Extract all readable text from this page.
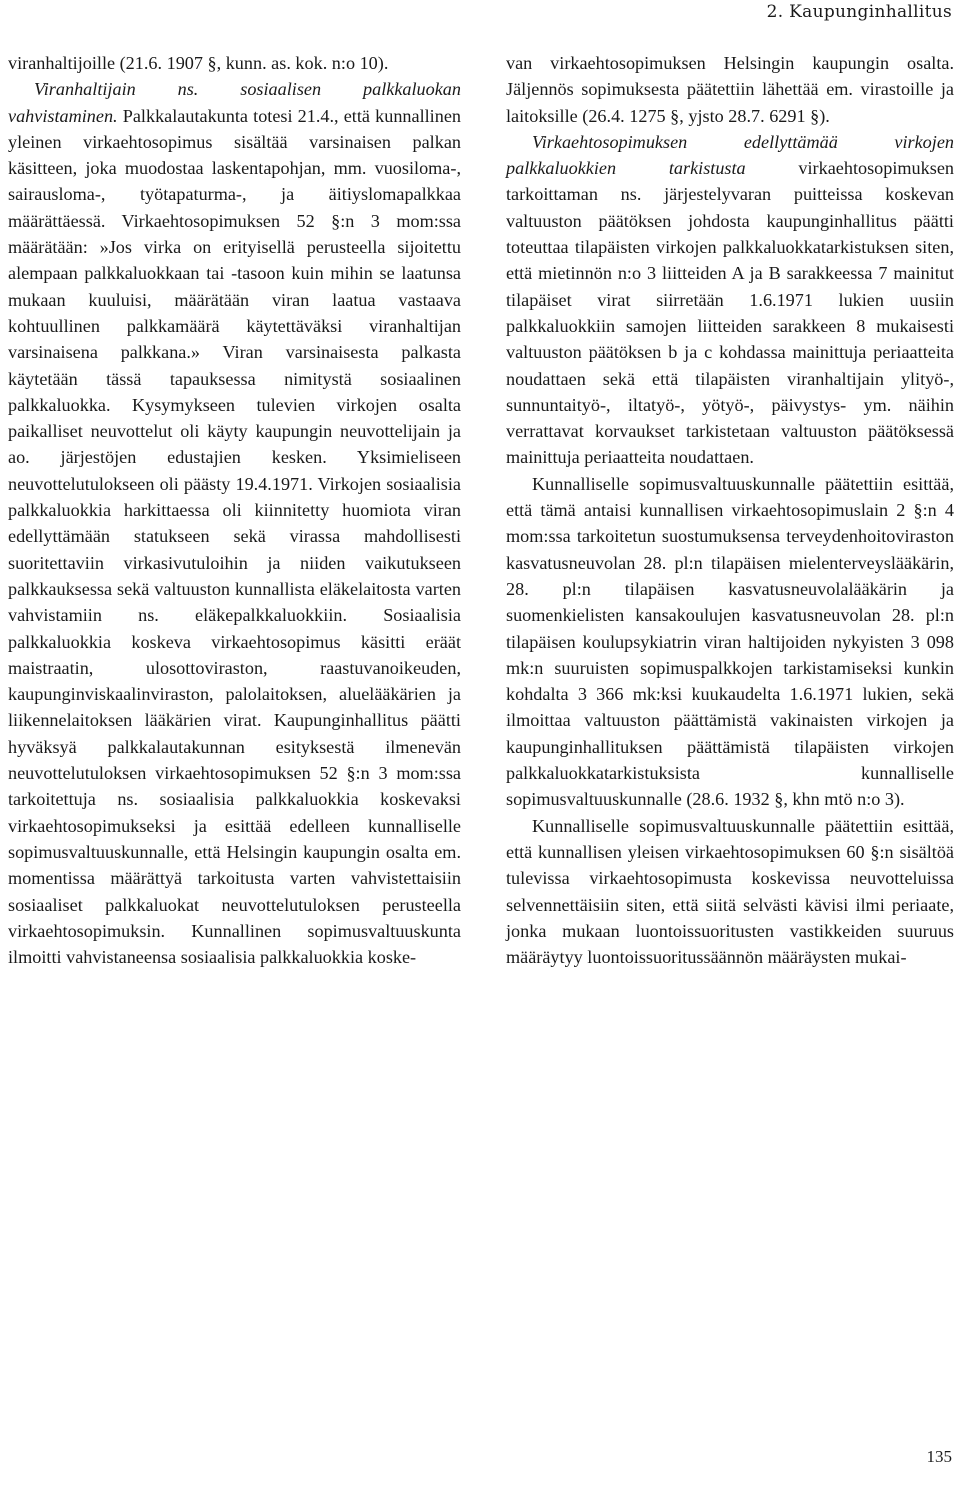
2. Kaupunginhallitus

viranhaltijoille (21.6. 1907 §, kunn. as. kok. n:o 10).

Viranhaltijain ns. sosiaalisen palkkaluokan vahvistaminen. Palkkalautakunta totesi 21.4., että kunnallinen yleinen virkaehtosopimus sisältää varsinaisen palkan käsitteen, joka muodostaa laskentapohjan, mm. vuosiloma-, sairausloma-, työtapaturma-, ja äitiyslomapalkkaa määrättäessä. Virkaehtosopimuksen 52 §:n 3 mom:ssa määrätään: »Jos virka on erityisellä perusteella sijoitettu alempaan palkkaluokkaan tai -tasoon kuin mihin se laatunsa mukaan kuuluisi, määrätään viran laatua vastaava kohtuullinen palkkamäärä käytettäväksi viranhaltijan varsinaisena palkkana.» Viran varsinaisesta palkasta käytetään tässä tapauksessa nimitystä sosiaalinen palkkaluokka. Kysymykseen tulevien virkojen osalta paikalliset neuvottelut oli käyty kaupungin neuvottelijain ja ao. järjestöjen edustajien kesken. Yksimieliseen neuvottelutulokseen oli päästy 19.4.1971. Virkojen sosiaalisia palkkaluokkia harkittaessa oli kiinnitetty huomiota viran edellyttämään statukseen sekä virassa mahdollisesti suoritettaviin virkasivutuloihin ja niiden vaikutukseen palkkauksessa sekä valtuuston kunnallista eläkelaitosta varten vahvistamiin ns. eläkepalkkaluokkiin. Sosiaalisia palkkaluokkia koskeva virkaehtosopimus käsitti eräät maistraatin, ulosottoviraston, raastuvanoikeuden, kaupunginviskaalinviraston, palolaitoksen, aluelääkärien ja liikennelaitoksen lääkärien virat. Kaupunginhallitus päätti hyväksyä palkkalautakunnan esityksestä ilmenevän neuvottelutuloksen virkaehtosopimuksen 52 §:n 3 mom:ssa tarkoitettuja ns. sosiaalisia palkkaluokkia koskevaksi virkaehtosopimukseksi ja esittää edelleen kunnalliselle sopimusvaltuuskunnalle, että Helsingin kaupungin osalta em. momentissa määrättyä tarkoitusta varten vahvistettaisiin sosiaaliset palkkaluokat neuvottelutuloksen perusteella virkaehtosopimuksin. Kunnallinen sopimusvaltuuskunta ilmoitti vahvistaneensa sosiaalisia palkkaluokkia koske-

van virkaehtosopimuksen Helsingin kaupungin osalta. Jäljennös sopimuksesta päätettiin lähettää em. virastoille ja laitoksille (26.4. 1275 §, yjsto 28.7. 6291 §).

Virkaehtosopimuksen edellyttämää virkojen palkkaluokkien tarkistusta virkaehtosopimuksen tarkoittaman ns. järjestelyvaran puitteissa koskevan valtuuston päätöksen johdosta kaupunginhallitus päätti toteuttaa tilapäisten virkojen palkkaluokkatarkistuksen siten, että mietinnön n:o 3 liitteiden A ja B sarakkeessa 7 mainitut tilapäiset virat siirretään 1.6.1971 lukien uusiin palkkaluokkiin samojen liitteiden sarakkeen 8 mukaisesti valtuuston päätöksen b ja c kohdassa mainittuja periaatteita noudattaen sekä että tilapäisten viranhaltijain ylityö-, sunnuntaityö-, iltatyö-, yötyö-, päivystys- ym. näihin verrattavat korvaukset tarkistetaan valtuuston päätöksessä mainittuja periaatteita noudattaen.

Kunnalliselle sopimusvaltuuskunnalle päätettiin esittää, että tämä antaisi kunnallisen virkaehtosopimuslain 2 §:n 4 mom:ssa tarkoitetun suostumuksensa terveydenhoitoviraston kasvatusneuvolan 28. pl:n tilapäisen mielenterveyslääkärin, 28. pl:n tilapäisen kasvatusneuvolalääkärin ja suomenkielisten kansakoulujen kasvatusneuvolan 28. pl:n tilapäisen koulupsykiatrin viran haltijoiden nykyisten 3 098 mk:n suuruisten sopimuspalkkojen tarkistamiseksi kunkin kohdalta 3 366 mk:ksi kuukaudelta 1.6.1971 lukien, sekä ilmoittaa valtuuston päättämistä vakinaisten virkojen ja kaupunginhallituksen päättämistä tilapäisten virkojen palkkaluokkatarkistuksista kunnalliselle sopimusvaltuuskunnalle (28.6. 1932 §, khn mtö n:o 3).

Kunnalliselle sopimusvaltuuskunnalle päätettiin esittää, että kunnallisen yleisen virkaehtosopimuksen 60 §:n sisältöä tulevissa virkaehtosopimusta koskevissa neuvotteluissa selvennettäisiin siten, että siitä selvästi kävisi ilmi periaate, jonka mukaan luontoissuoritusten vastikkeiden suuruus määräytyy luontoissuoritussäännön määräysten mukai-

135
